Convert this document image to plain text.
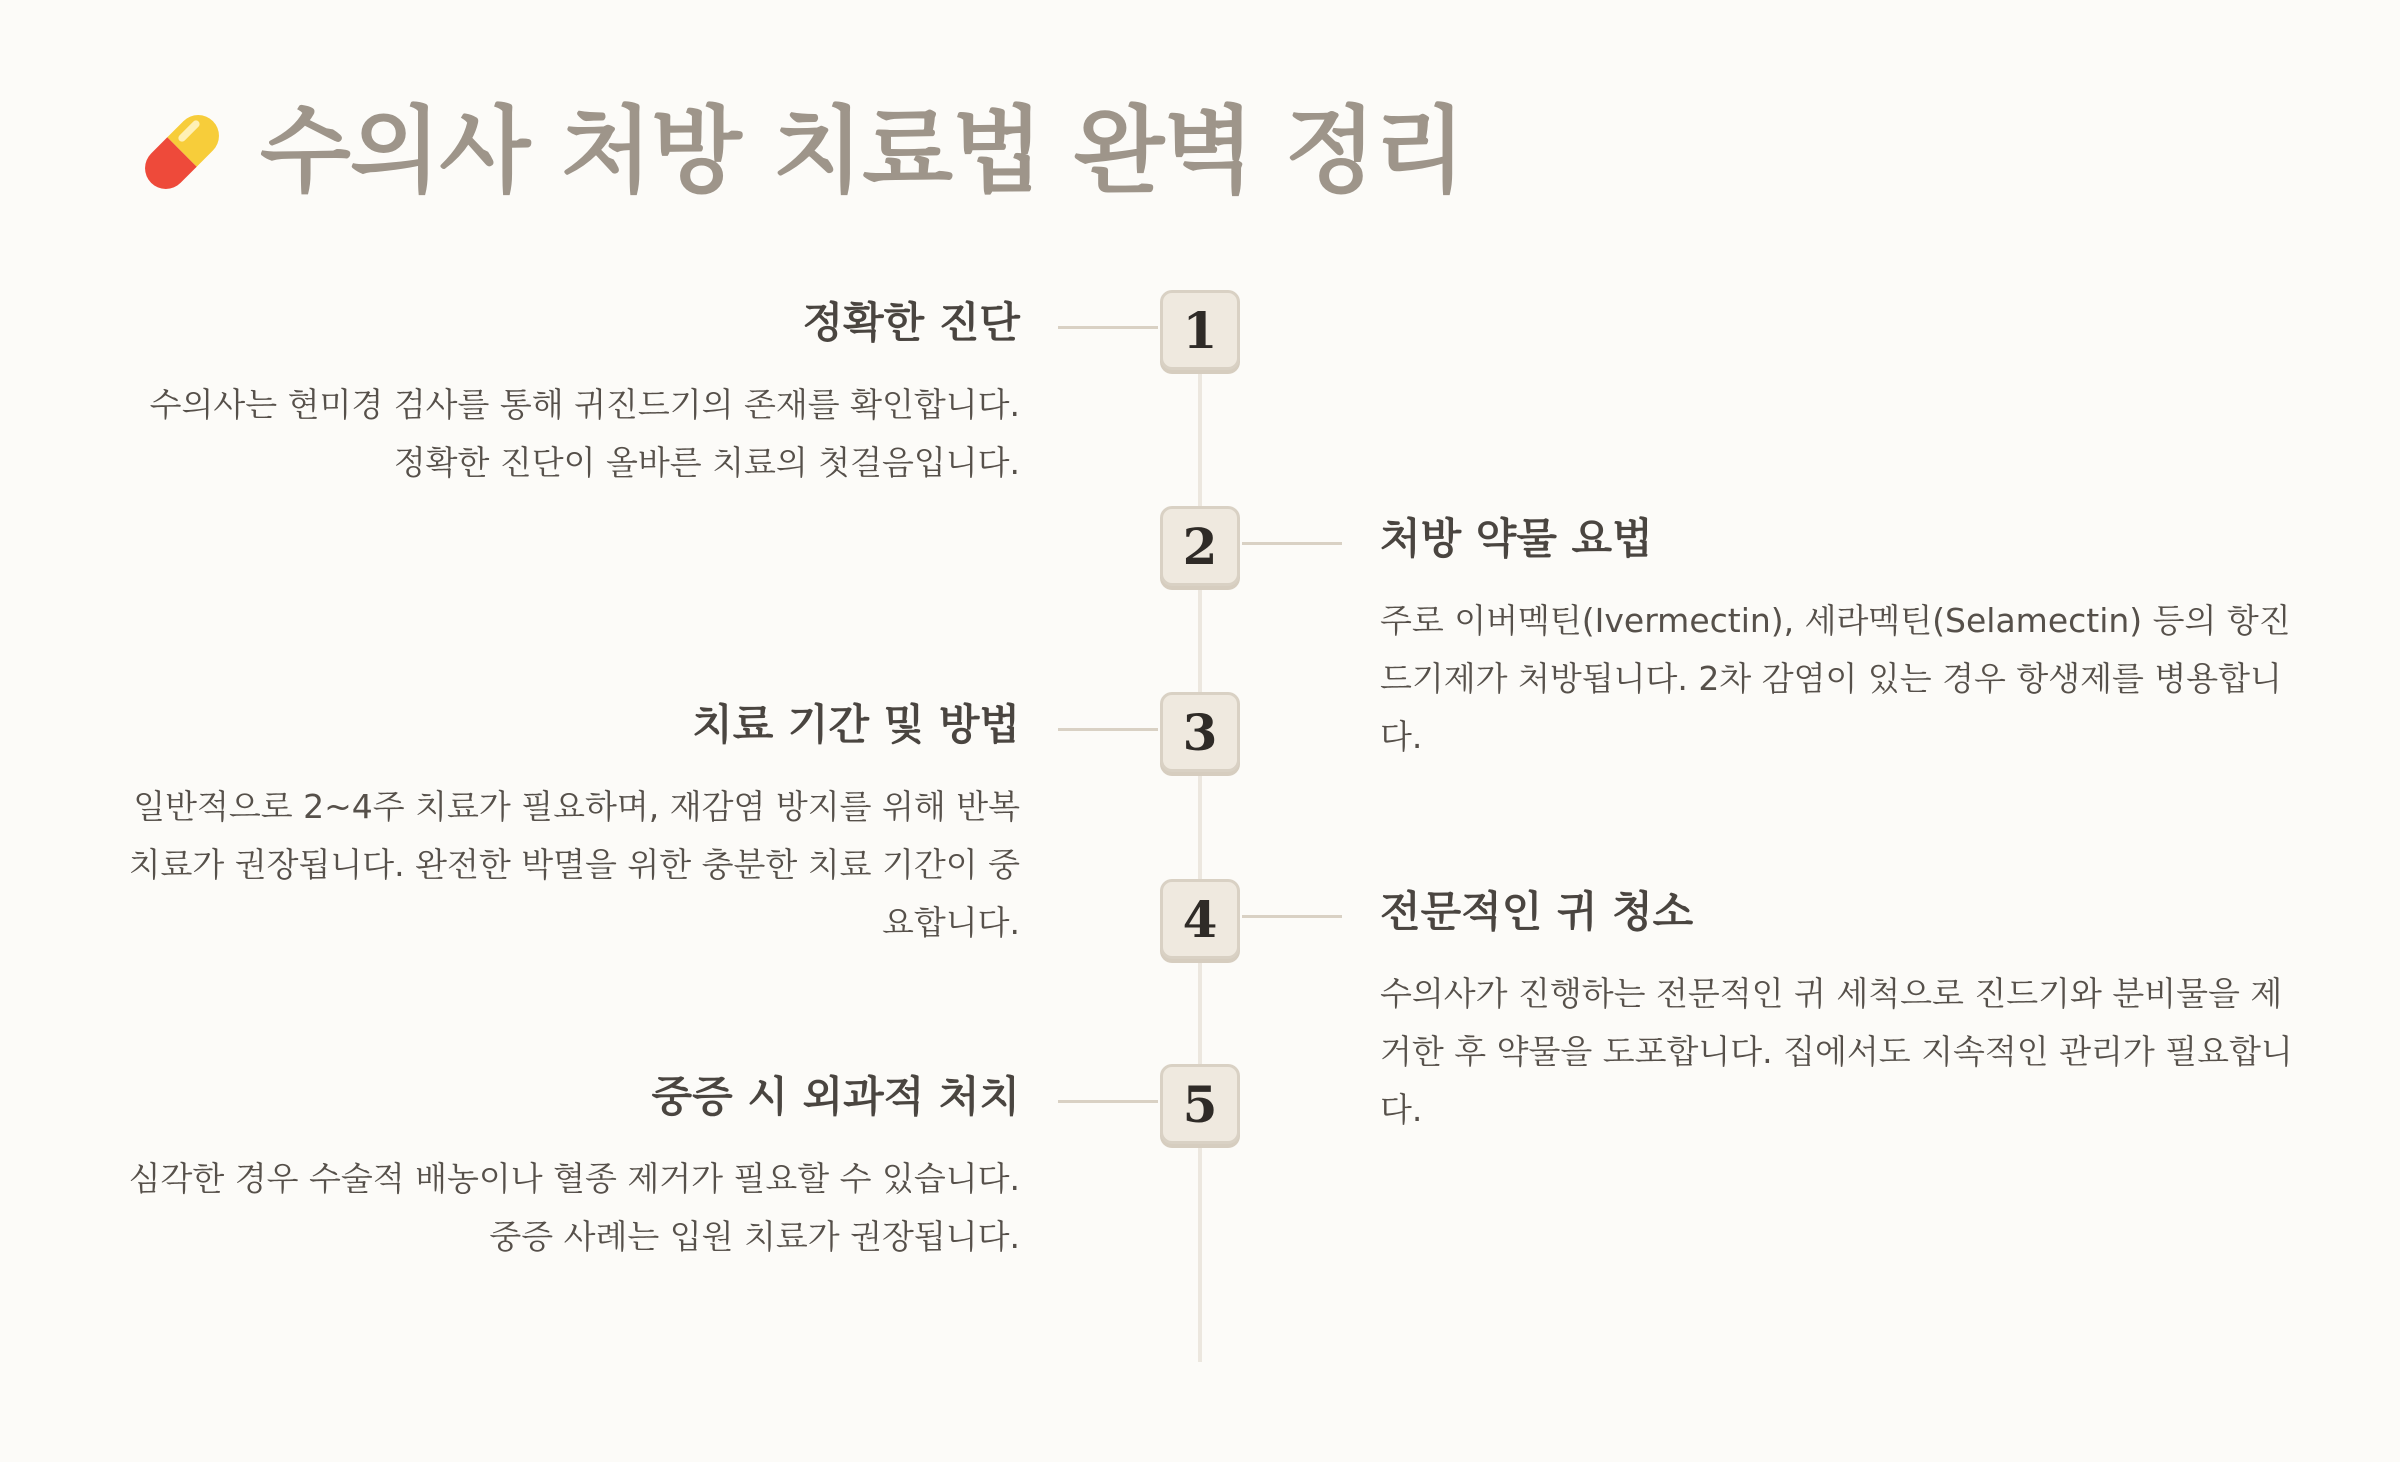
수의사 처방 치료법 완벽 정리
1
정확한 진단
수의사는 현미경 검사를 통해 귀진드기의 존재를 확인합니다. 정확한 진단이 올바른 치료의 첫걸음입니다.
2	처방 약물 요법
주로 이버멕틴(Ivermectin), 세라멕틴(Selamectin) 등의 항진드기제가 처방됩니다. 2차 감염이 있는 경우 항생제를 병용합니다.
3
치료 기간 및 방법
일반적으로 2~4주 치료가 필요하며, 재감염 방지를 위해 반복 치료가 권장됩니다. 완전한 박멸을 위한 충분한 치료 기간이 중요합니다.	4	전문적인 귀 청소
수의사가 진행하는 전문적인 귀 세척으로 진드기와 분비물을 제거한 후 약물을 도포합니다. 집에서도 지속적인 관리가 필요합니다.
5
중증 시 외과적 처치
심각한 경우 수술적 배농이나 혈종 제거가 필요할 수 있습니다. 중증 사례는 입원 치료가 권장됩니다.
